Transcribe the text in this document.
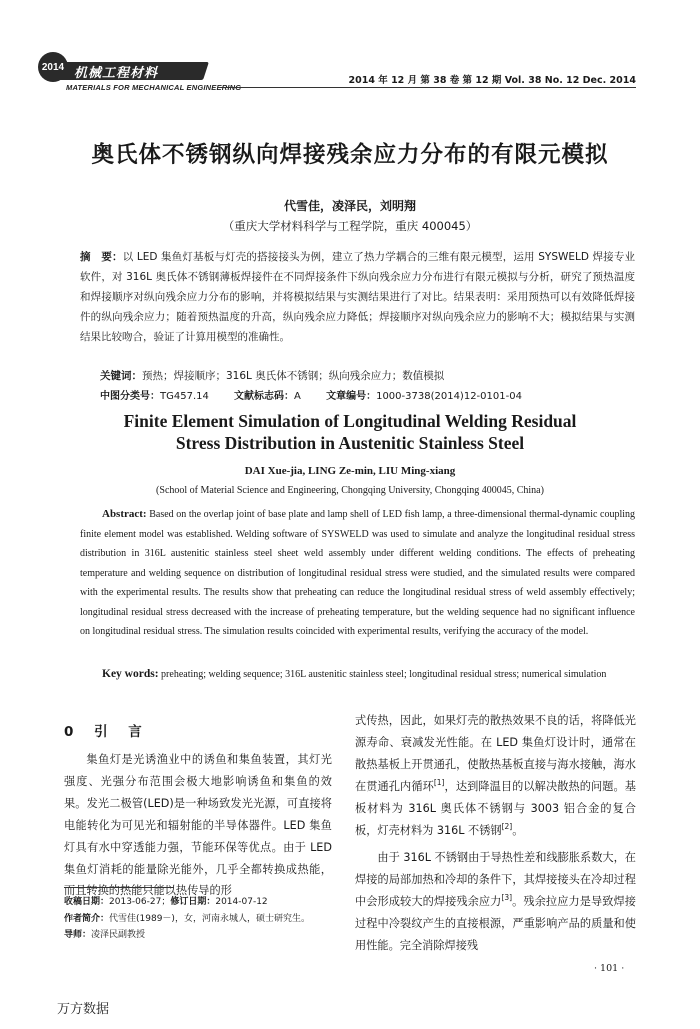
2014 机械工程材料
MATERIALS FOR MECHANICAL ENGINEERING
2014 年 12 月 第 38 卷 第 12 期 Vol. 38 No. 12 Dec. 2014
奥氏体不锈钢纵向焊接残余应力分布的有限元模拟
代雪佳，凌泽民，刘明翔
（重庆大学材料科学与工程学院，重庆 400045）
摘　要：以 LED 集鱼灯基板与灯壳的搭接接头为例，建立了热力学耦合的三维有限元模型，运用 SYSWELD 焊接专业软件，对 316L 奥氏体不锈钢薄板焊接件在不同焊接条件下纵向残余应力分布进行有限元模拟与分析，研究了预热温度和焊接顺序对纵向残余应力分布的影响，并将模拟结果与实测结果进行了对比。结果表明：采用预热可以有效降低焊接件的纵向残余应力；随着预热温度的升高，纵向残余应力降低；焊接顺序对纵向残余应力的影响不大；模拟结果与实测结果比较吻合，验证了计算用模型的准确性。
关键词：预热；焊接顺序；316L 奥氏体不锈钢；纵向残余应力；数值模拟
中图分类号：TG457.14	文献标志码：A	文章编号：1000-3738(2014)12-0101-04
Finite Element Simulation of Longitudinal Welding Residual
Stress Distribution in Austenitic Stainless Steel
DAI Xue-jia, LING Ze-min, LIU Ming-xiang
(School of Material Science and Engineering, Chongqing University, Chongqing 400045, China)
Abstract: Based on the overlap joint of base plate and lamp shell of LED fish lamp, a three-dimensional thermal-dynamic coupling finite element model was established. Welding software of SYSWELD was used to simulate and analyze the longitudinal residual stress distribution in 316L austenitic stainless steel sheet weld assembly under different welding conditions. The effects of preheating temperature and welding sequence on distribution of longitudinal residual stress were studied, and the simulated results were compared with the experimental results. The results show that preheating can reduce the longitudinal residual stress of weld assembly effectively; longitudinal residual stress decreased with the increase of preheating temperature, but the welding sequence had no significant influence on longitudinal residual stress. The simulation results coincided with experimental results, verifying the accuracy of the model.
Key words: preheating; welding sequence; 316L austenitic stainless steel; longitudinal residual stress; numerical simulation
0 引 言

集鱼灯是光诱渔业中的诱鱼和集鱼装置，其灯光强度、光强分布范围会极大地影响诱鱼和集鱼的效果。发光二极管(LED)是一种场致发光光源，可直接将电能转化为可见光和辐射能的半导体器件。LED 集鱼灯具有水中穿透能力强，节能环保等优点。由于 LED 集鱼灯消耗的能量除光能外，几乎全都转换成热能，而且转换的热能只能以热传导的形

式传热，因此，如果灯壳的散热效果不良的话，将降低光源寿命、衰减发光性能。在 LED 集鱼灯设计时，通常在散热基板上开贯通孔，使散热基板直接与海水接触，海水在贯通孔内循环[1]，达到降温目的以解决散热的问题。基板材料为 316L 奥氏体不锈钢与 3003 铝合金的复合板，灯壳材料为 316L 不锈钢[2]。

由于 316L 不锈钢由于导热性差和线膨胀系数大，在焊接的局部加热和冷却的条件下，其焊接接头在冷却过程中会形成较大的焊接残余应力[3]。残余拉应力是导致焊接过程中冷裂纹产生的直接根源，严重影响产品的质量和使用性能。完全消除焊接残

收稿日期：2013-06-27；修订日期：2014-07-12
作者简介：代雪佳(1989－)，女，河南永城人，硕士研究生。
导师：凌泽民副教授
· 101 ·
万方数据
